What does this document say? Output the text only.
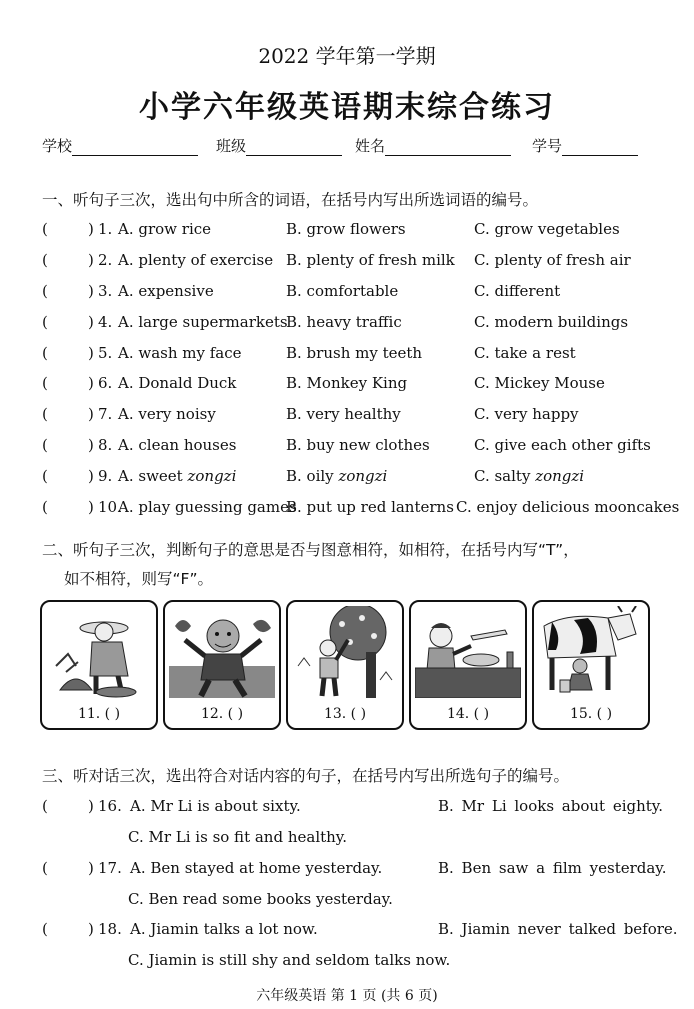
2022 学年第一学期
小学六年级英语期末综合练习
学校	班级	姓名	学号
一、听句子三次，选出句中所含的词语，在括号内写出所选词语的编号。
(	) 1. A. grow rice	B. grow flowers	C. grow vegetables
(	) 2. A. plenty of exercise B. plenty of fresh milk C. plenty of fresh air
(	) 3. A. expensive	B. comfortable	C. different
(	) 4. A. large supermarkets
B. heavy traffic	C. modern buildings
(	) 5. A. wash my face	B. brush my teeth	C. take a rest
(	) 6. A. Donald Duck	B. Monkey King	C. Mickey Mouse
(	) 7. A. very noisy	B. very healthy	C. very happy
(	) 8. A. clean houses	B. buy new clothes	C. give each other gifts
(	) 9. A. sweet zongzi	B. oily zongzi	C. salty zongzi
(	) 10.
A. play guessing games
B. put up red lanterns C. enjoy delicious mooncakes
二、听句子三次，判断句子的意思是否与图意相符，如相符，在括号内写“T”，
如不相符，则写“F”。
11. ( )	12. ( )	13. ( )	14. ( )	15. ( )
三、听对话三次，选出符合对话内容的句子，在括号内写出所选句子的编号。
(	) 16. A. Mr Li is about sixty.	B. Mr Li looks about eighty.
C. Mr Li is so fit and healthy.
(	) 17. A. Ben stayed at home yesterday.	B. Ben saw a film yesterday.
C. Ben read some books yesterday.
(	) 18. A. Jiamin talks a lot now.	B. Jiamin never talked before.
C. Jiamin is still shy and seldom talks now.
六年级英语 第 1 页 (共 6 页)
